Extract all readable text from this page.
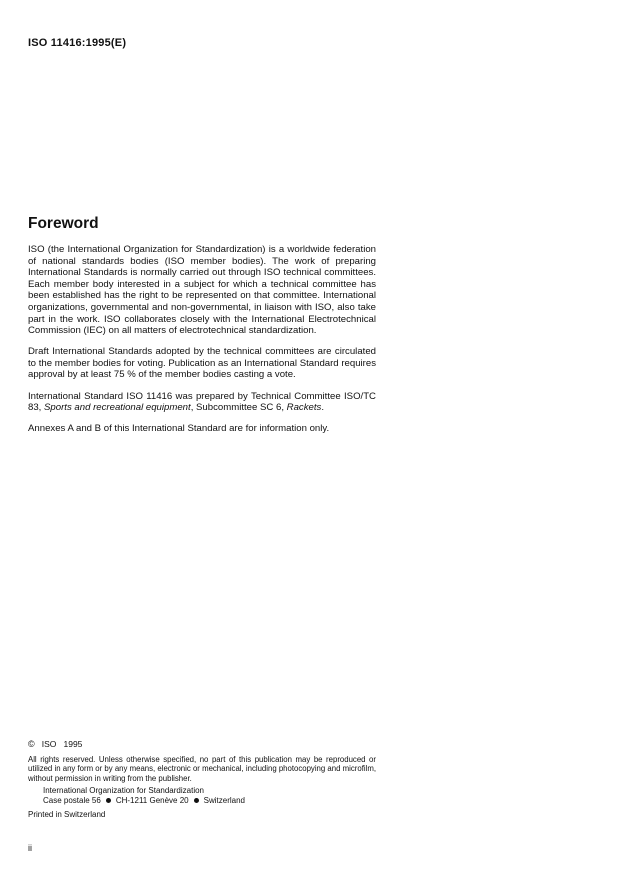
ISO 11416:1995(E)
Foreword

ISO (the International Organization for Standardization) is a worldwide federation of national standards bodies (ISO member bodies). The work of preparing International Standards is normally carried out through ISO technical committees. Each member body interested in a subject for which a technical committee has been established has the right to be represented on that committee. International organizations, governmental and non-governmental, in liaison with ISO, also take part in the work. ISO collaborates closely with the International Electrotechnical Commission (IEC) on all matters of electrotechnical standardization.

Draft International Standards adopted by the technical committees are circulated to the member bodies for voting. Publication as an International Standard requires approval by at least 75 % of the member bodies casting a vote.

International Standard ISO 11416 was prepared by Technical Committee ISO/TC 83, Sports and recreational equipment, Subcommittee SC 6, Rackets.

Annexes A and B of this International Standard are for information only.

© ISO 1995
All rights reserved. Unless otherwise specified, no part of this publication may be reproduced or utilized in any form or by any means, electronic or mechanical, including photocopying and microfilm, without permission in writing from the publisher.
International Organization for Standardization
Case postale 56 CH-1211 Genève 20 Switzerland
Printed in Switzerland
ii
